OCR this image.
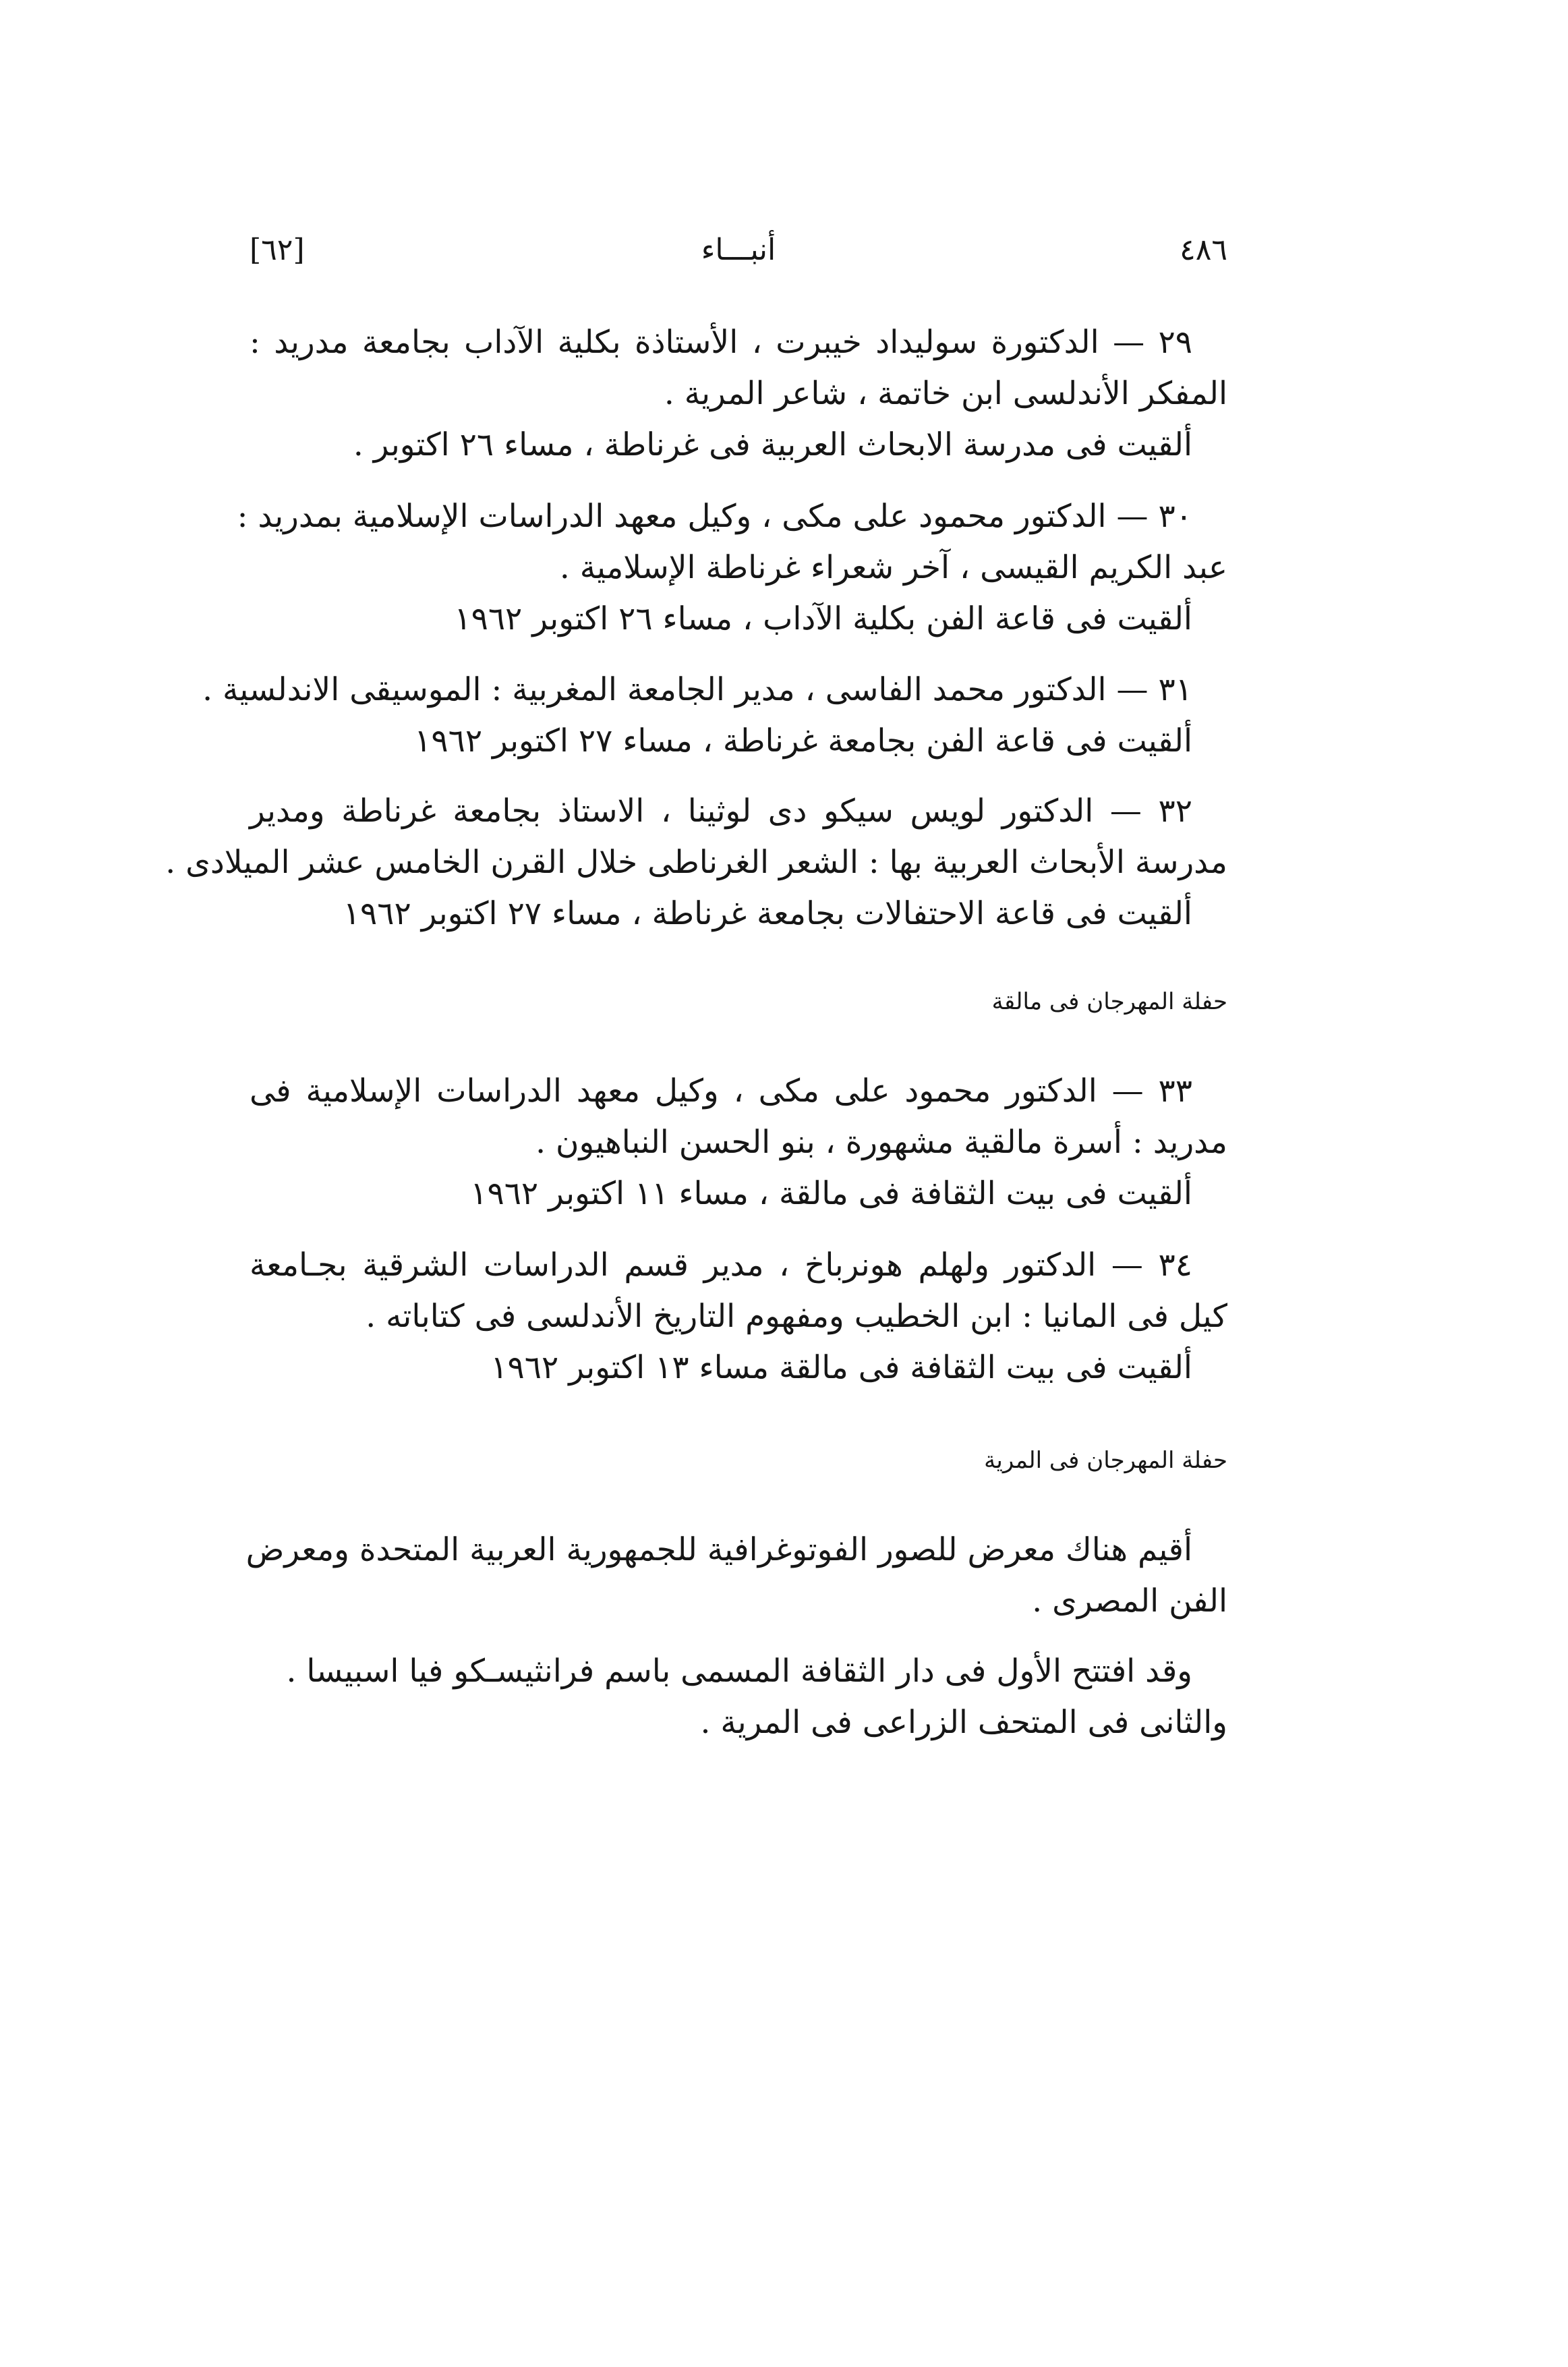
[٦٢]	أنبـــاء	٤٨٦
٢٩ — الدكتورة سوليداد خيبرت ، الأستاذة بكلية الآداب بجامعة مدريد :
المفكر الأندلسى ابن خاتمة ، شاعر المرية .
ألقيت فى مدرسة الابحاث العربية فى غرناطة ، مساء ٢٦ اكتوبر .
٣٠ — الدكتور محمود على مكى ، وكيل معهد الدراسات الإسلامية بمدريد :
عبد الكريم القيسى ، آخر شعراء غرناطة الإسلامية .
ألقيت فى قاعة الفن بكلية الآداب ، مساء ٢٦ اكتوبر ١٩٦٢
٣١ — الدكتور محمد الفاسى ، مدير الجامعة المغربية : الموسيقى الاندلسية .
ألقيت فى قاعة الفن بجامعة غرناطة ، مساء ٢٧ اكتوبر ١٩٦٢
٣٢ — الدكتور لويس سيكو دى لوثينا ، الاستاذ بجامعة غرناطة ومدير
مدرسة الأبحاث العربية بها : الشعر الغرناطى خلال القرن الخامس عشر الميلادى .
ألقيت فى قاعة الاحتفالات بجامعة غرناطة ، مساء ٢٧ اكتوبر ١٩٦٢
حفلة المهرجان فى مالقة
٣٣ — الدكتور محمود على مكى ، وكيل معهد الدراسات الإسلامية فى
مدريد : أسرة مالقية مشهورة ، بنو الحسن النباهيون .
ألقيت فى بيت الثقافة فى مالقة ، مساء ١١ اكتوبر ١٩٦٢
٣٤ — الدكتور ولهلم هونرباخ ، مدير قسم الدراسات الشرقية بجـامعة
كيل فى المانيا : ابن الخطيب ومفهوم التاريخ الأندلسى فى كتاباته .
ألقيت فى بيت الثقافة فى مالقة مساء ١٣ اكتوبر ١٩٦٢
حفلة المهرجان فى المرية
أقيم هناك معرض للصور الفوتوغرافية للجمهورية العربية المتحدة ومعرض
الفن المصرى .
وقد افتتح الأول فى دار الثقافة المسمى باسم فرانثيسـكو فيا اسبيسا .
والثانى فى المتحف الزراعى فى المرية .
